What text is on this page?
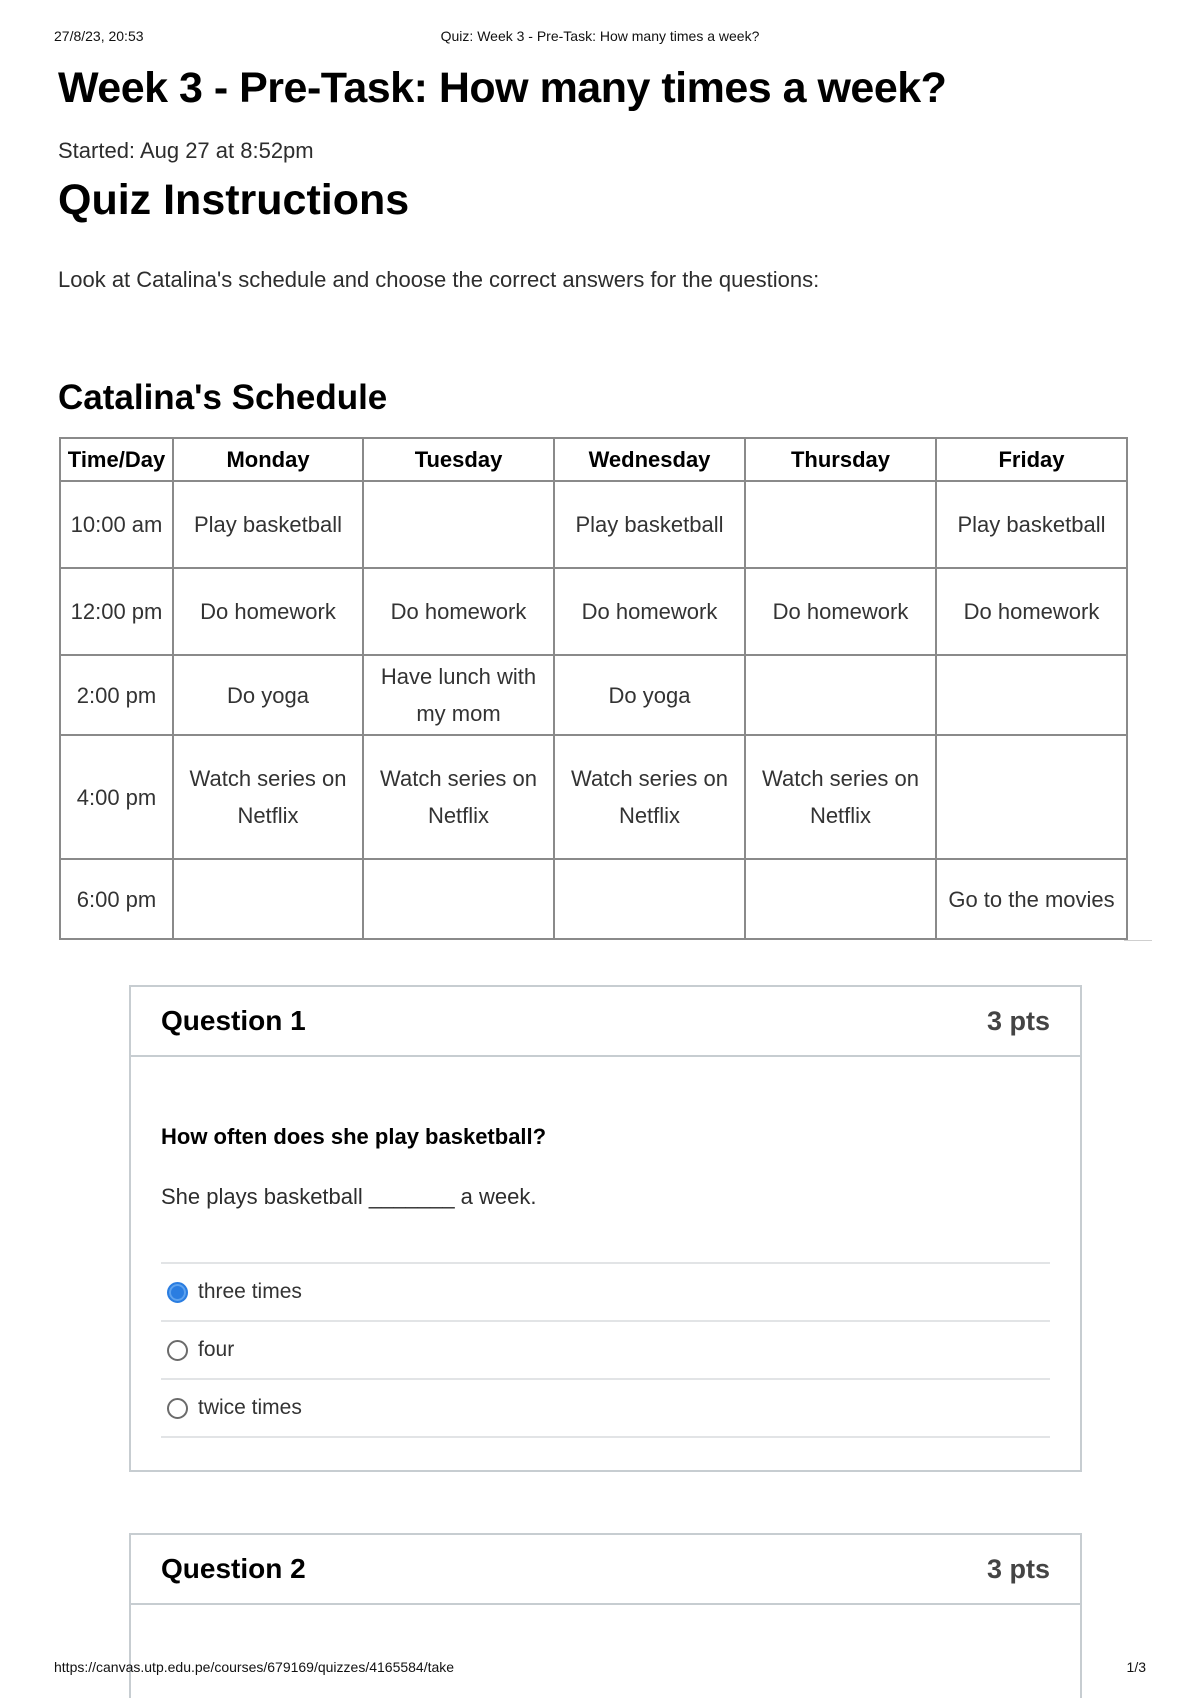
27/8/23, 20:53	Quiz: Week 3 - Pre-Task: How many times a week?
Week 3 - Pre-Task: How many times a week?
Started: Aug 27 at 8:52pm
Quiz Instructions

Look at Catalina's schedule and choose the correct answers for the questions:

Catalina's Schedule
Time/Day	Monday	Tuesday	Wednesday	Thursday	Friday
10:00 am	Play basketball		Play basketball		Play basketball
12:00 pm	Do homework	Do homework	Do homework	Do homework	Do homework
2:00 pm	Do yoga	Have lunch with my mom	Do yoga		
4:00 pm	Watch series on Netflix	Watch series on Netflix	Watch series on Netflix	Watch series on Netflix	
6:00 pm					Go to the movies
Question 1	3 pts

How often does she play basketball?

She plays basketball _______ a week.

three times
four
twice times
Question 2	3 pts
https://canvas.utp.edu.pe/courses/679169/quizzes/4165584/take	1/3
